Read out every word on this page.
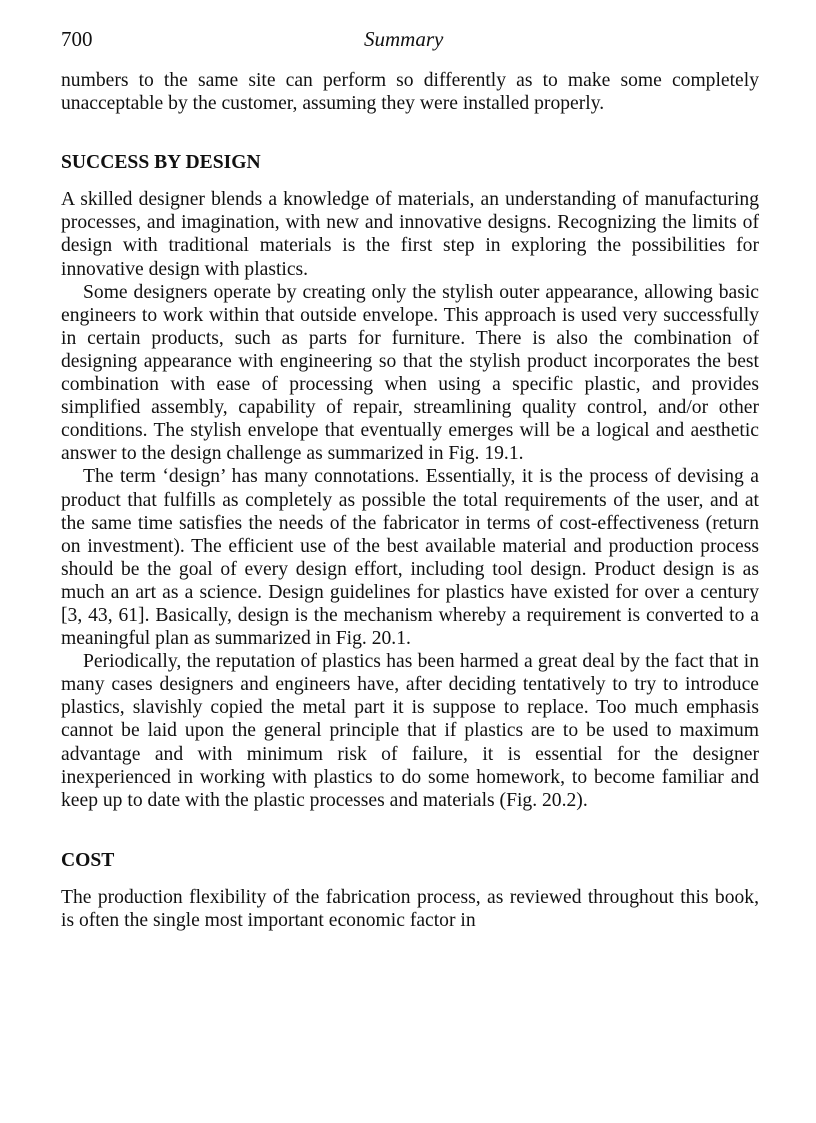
700	Summary

numbers to the same site can perform so differently as to make some completely unacceptable by the customer, assuming they were installed properly.

SUCCESS BY DESIGN

A skilled designer blends a knowledge of materials, an understanding of manufacturing processes, and imagination, with new and innovative designs. Recognizing the limits of design with traditional materials is the first step in exploring the possibilities for innovative design with plastics.

Some designers operate by creating only the stylish outer appearance, allowing basic engineers to work within that outside envelope. This approach is used very successfully in certain products, such as parts for furniture. There is also the combination of designing appearance with engineering so that the stylish product incorporates the best combination with ease of processing when using a specific plastic, and provides simplified assembly, capability of repair, streamlining quality control, and/or other conditions. The stylish envelope that eventually emerges will be a logical and aesthetic answer to the design challenge as summarized in Fig. 19.1.

The term ‘design’ has many connotations. Essentially, it is the process of devising a product that fulfills as completely as possible the total requirements of the user, and at the same time satisfies the needs of the fabricator in terms of cost-effectiveness (return on investment). The efficient use of the best available material and production process should be the goal of every design effort, including tool design. Product design is as much an art as a science. Design guidelines for plastics have existed for over a century [3, 43, 61]. Basically, design is the mechanism whereby a requirement is converted to a meaningful plan as summarized in Fig. 20.1.

Periodically, the reputation of plastics has been harmed a great deal by the fact that in many cases designers and engineers have, after deciding tentatively to try to introduce plastics, slavishly copied the metal part it is suppose to replace. Too much emphasis cannot be laid upon the general principle that if plastics are to be used to maximum advantage and with minimum risk of failure, it is essential for the designer inexperienced in working with plastics to do some homework, to become familiar and keep up to date with the plastic processes and materials (Fig. 20.2).

COST

The production flexibility of the fabrication process, as reviewed throughout this book, is often the single most important economic factor in
